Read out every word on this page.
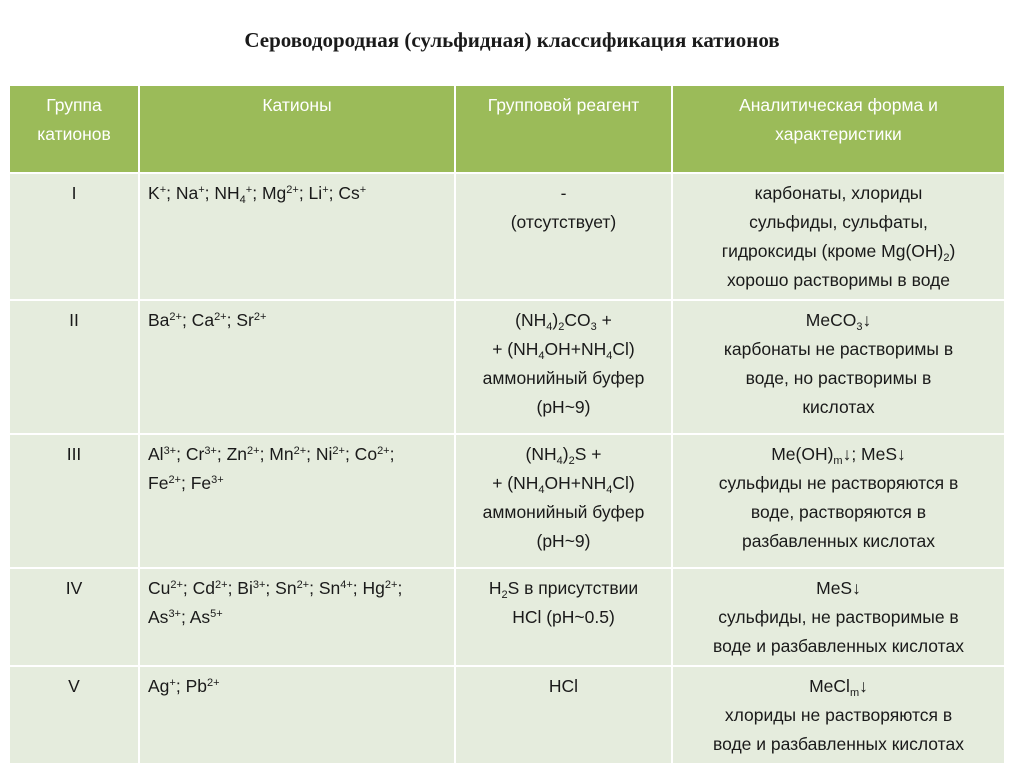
Сероводородная (сульфидная) классификация катионов
Группа катионов	Катионы	Групповой реагент	Аналитическая форма и характеристики
I	K+; Na+; $NH_4^+$; $Mg^{2+}$; Li+; Cs+	-
(отсутствует)	карбонаты, хлориды
сульфиды, сульфаты,
гидроксиды (кроме $Mg(OH)_2$)
хорошо растворимы в воде

II	$Ba^{2+}$; $Ca^{2+}$; $Sr^{2+}$	$(NH_4)_2CO_3$ +
+ $(NH_4OH+NH_4Cl)$
аммонийный буфер
(pH~9)	MeCO$_3$↓
карбонаты не растворимы в
воде, но растворимы в
кислотах

III	$Al^{3+}$; $Cr^{3+}$; $Zn^{2+}$; $Mn^{2+}$; $Ni^{2+}$; $Co^{2+}$;
$Fe^{2+}$; $Fe^{3+}$	$(NH_4)_2S$ +
+ $(NH_4OH+NH_4Cl)$
аммонийный буфер
(pH~9)	$Me(OH)_m↓$; MeS↓
сульфиды не растворяются в
воде, растворяются в
разбавленных кислотах

IV	$Cu^{2+}$; $Cd^{2+}$; $Bi^{3+}$; $Sn^{2+}$; $Sn^{4+}$; $Hg^{2+}$;
$As^{3+}$; $As^{5+}$	$H_2S$ в присутствии
HCl (pH~0.5)	MeS↓
сульфиды, не растворимые в
воде и разбавленных кислотах

V	Ag+; $Pb^{2+}$	HCl	MeCl$_m$↓
хлориды не растворяются в
воде и разбавленных кислотах
